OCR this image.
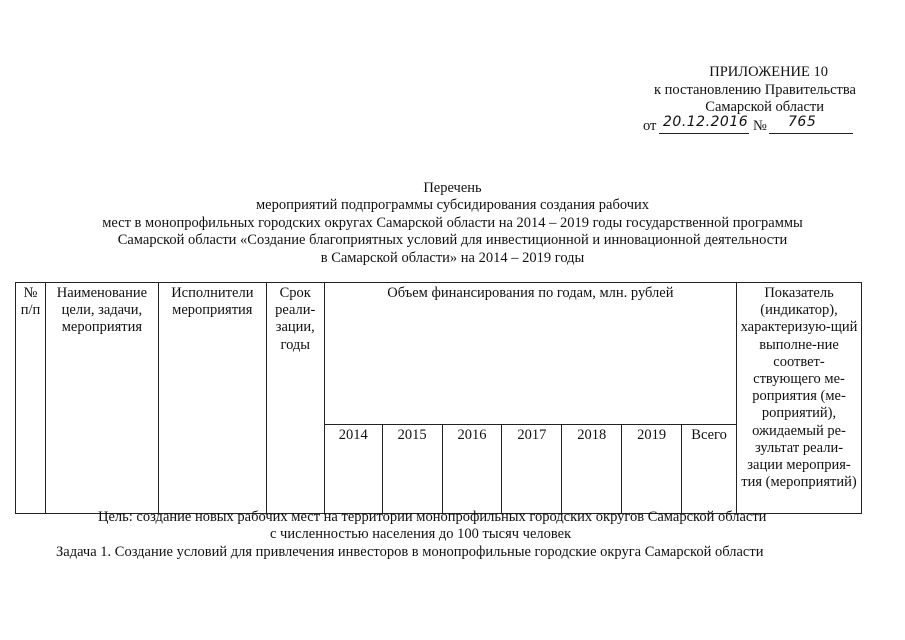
ПРИЛОЖЕНИЕ 10
к постановлению Правительства
Самарской области
от 20.12.2016 № 765
Перечень
мероприятий подпрограммы субсидирования создания рабочих
мест в монопрофильных городских округах Самарской области на 2014 – 2019 годы государственной программы
Самарской области «Создание благоприятных условий для инвестиционной и инновационной деятельности
в Самарской области» на 2014 – 2019 годы
№ п/п	Наименование цели, задачи, мероприятия	Исполнители мероприятия	Срок реали-зации, годы	Объем финансирования по годам, млн. рублей							Показатель (индикатор), характеризую-щий выполне-ние соответ-ствующего ме-роприятия (ме-роприятий), ожидаемый ре-зультат реали-зации мероприя-тия (мероприятий)
				2014	2015	2016	2017	2018	2019	Всего	
Цель: создание новых рабочих мест на территории монопрофильных городских округов Самарской области
с численностью населения до 100 тысяч человек
Задача 1. Создание условий для привлечения инвесторов в монопрофильные городские округа Самарской области
